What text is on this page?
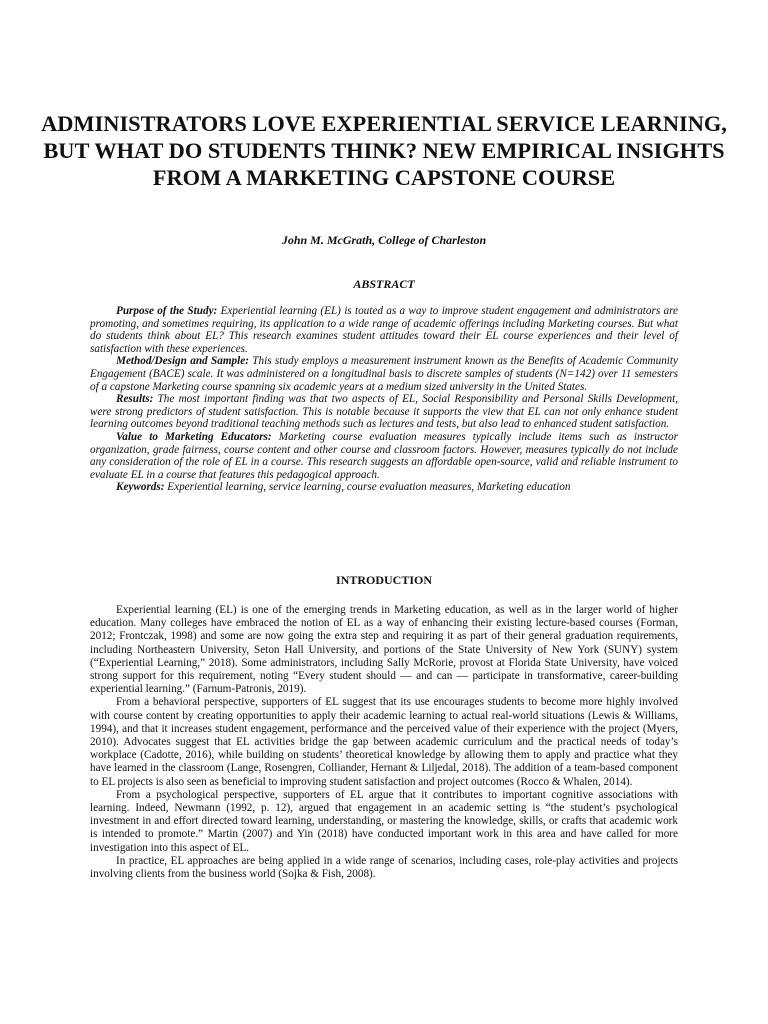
ADMINISTRATORS LOVE EXPERIENTIAL SERVICE LEARNING, BUT WHAT DO STUDENTS THINK? NEW EMPIRICAL INSIGHTS FROM A MARKETING CAPSTONE COURSE
John M. McGrath, College of Charleston
ABSTRACT

Purpose of the Study: Experiential learning (EL) is touted as a way to improve student engagement and administrators are promoting, and sometimes requiring, its application to a wide range of academic offerings including Marketing courses. But what do students think about EL? This research examines student attitudes toward their EL course experiences and their level of satisfaction with these experiences.

Method/Design and Sample: This study employs a measurement instrument known as the Benefits of Academic Community Engagement (BACE) scale. It was administered on a longitudinal basis to discrete samples of students (N=142) over 11 semesters of a capstone Marketing course spanning six academic years at a medium sized university in the United States.

Results: The most important finding was that two aspects of EL, Social Responsibility and Personal Skills Development, were strong predictors of student satisfaction. This is notable because it supports the view that EL can not only enhance student learning outcomes beyond traditional teaching methods such as lectures and tests, but also lead to enhanced student satisfaction.

Value to Marketing Educators: Marketing course evaluation measures typically include items such as instructor organization, grade fairness, course content and other course and classroom factors. However, measures typically do not include any consideration of the role of EL in a course. This research suggests an affordable open-source, valid and reliable instrument to evaluate EL in a course that features this pedagogical approach.

Keywords: Experiential learning, service learning, course evaluation measures, Marketing education

INTRODUCTION

Experiential learning (EL) is one of the emerging trends in Marketing education, as well as in the larger world of higher education. Many colleges have embraced the notion of EL as a way of enhancing their existing lecture-based courses (Forman, 2012; Frontczak, 1998) and some are now going the extra step and requiring it as part of their general graduation requirements, including Northeastern University, Seton Hall University, and portions of the State University of New York (SUNY) system (“Experiential Learning,” 2018). Some administrators, including Sally McRorie, provost at Florida State University, have voiced strong support for this requirement, noting “Every student should — and can — participate in transformative, career-building experiential learning.” (Farnum-Patronis, 2019).

From a behavioral perspective, supporters of EL suggest that its use encourages students to become more highly involved with course content by creating opportunities to apply their academic learning to actual real-world situations (Lewis & Williams, 1994), and that it increases student engagement, performance and the perceived value of their experience with the project (Myers, 2010). Advocates suggest that EL activities bridge the gap between academic curriculum and the practical needs of today’s workplace (Cadotte, 2016), while building on students’ theoretical knowledge by allowing them to apply and practice what they have learned in the classroom (Lange, Rosengren, Colliander, Hernant & Liljedal, 2018). The addition of a team-based component to EL projects is also seen as beneficial to improving student satisfaction and project outcomes (Rocco & Whalen, 2014).

From a psychological perspective, supporters of EL argue that it contributes to important cognitive associations with learning. Indeed, Newmann (1992, p. 12), argued that engagement in an academic setting is “the student’s psychological investment in and effort directed toward learning, understanding, or mastering the knowledge, skills, or crafts that academic work is intended to promote.” Martin (2007) and Yin (2018) have conducted important work in this area and have called for more investigation into this aspect of EL.

In practice, EL approaches are being applied in a wide range of scenarios, including cases, role-play activities and projects involving clients from the business world (Sojka & Fish, 2008).
